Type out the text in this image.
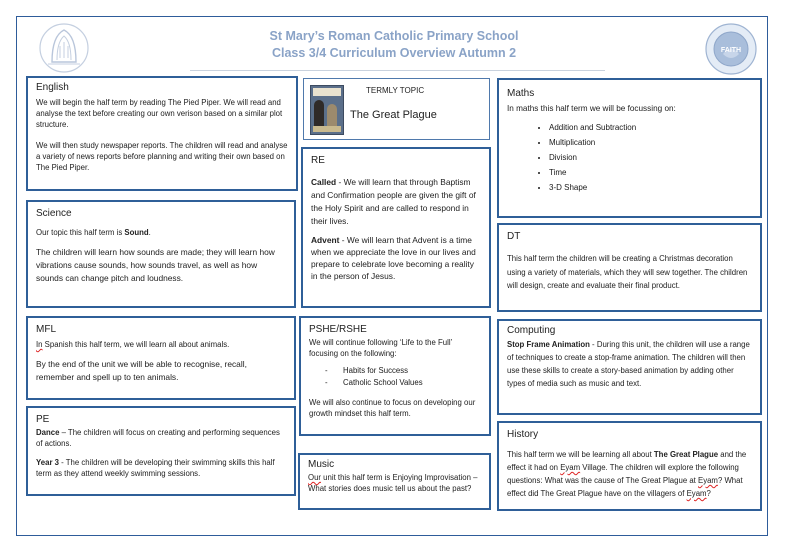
St Mary’s Roman Catholic Primary School
Class 3/4 Curriculum Overview Autumn 2	FAITH
English

We will begin the half term by reading The Pied Piper. We will read and analyse the text before creating our own verison based on a similar plot structure.

We will then study newspaper reports. The children will read and analyse a variety of news reports before planning and writing their own based on The Pied Piper.

TERMLY TOPIC
The Great Plague
Maths

In maths this half term we will be focussing on:

• Addition and Subtraction
• Multiplication
• Division
• Time
• 3-D Shape
Science

Our topic this half term is Sound.

The children will learn how sounds are made; they will learn how vibrations cause sounds, how sounds travel, as well as how sounds can change pitch and loudness.

RE

Called - We will learn that through Baptism and Confirmation people are given the gift of the Holy Spirit and are called to respond in their lives.

Advent - We will learn that Advent is a time when we appreciate the love in our lives and prepare to celebrate love becoming a reality in the person of Jesus.

DT

This half term the children will be creating a Christmas decoration using a variety of materials, which they will sew together. The children will design, create and evaluate their final product.

MFL

In Spanish this half term, we will learn all about animals.

By the end of the unit we will be able to recognise, recall, remember and spell up to ten animals.

PSHE/RSHE

We will continue following ‘Life to the Full’ focusing on the following:

- Habits for Success
- Catholic School Values

We will also continue to focus on developing our growth mindset this half term.

Computing

Stop Frame Animation - During this unit, the children will use a range of techniques to create a stop-frame animation. The children will then use these skills to create a story-based animation by adding other types of media such as music and text.

PE

Dance – The children will focus on creating and performing sequences of actions.

Year 3 - The children will be developing their swimming skills this half term as they attend weekly swimming sessions.

Music

Our unit this half term is Enjoying Improvisation – What stories does music tell us about the past?

History

This half term we will be learning all about The Great Plague and the effect it had on Eyam Village. The children will explore the following questions: What was the cause of The Great Plague at Eyam? What effect did The Great Plague have on the villagers of Eyam?
